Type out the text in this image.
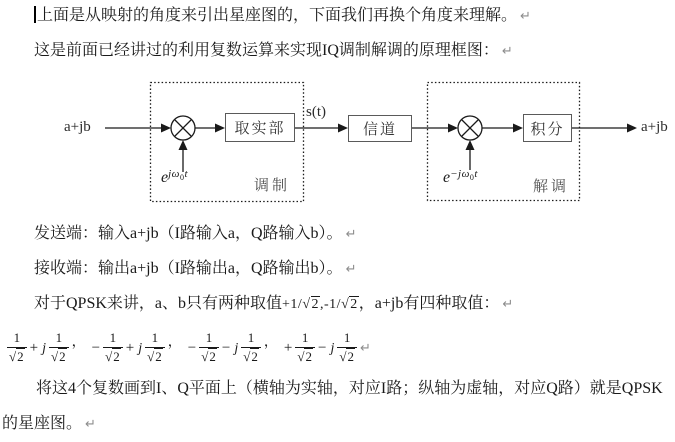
上面是从映射的角度来引出星座图的，下面我们再换个角度来理解。 ↵
这是前面已经讲过的利用复数运算来实现IQ调制解调的原理框图： ↵
a+jb	取实部
s(t)
信道	积分	a+jb
$e^{j\omega_0t}$	$e^{-j\omega_0t}$
调制	解调
发送端：输入a+jb（I路输入a，Q路输入b）。 ↵
接收端：输出a+jb（I路输出a，Q路输出b）。 ↵
对于QPSK来讲，a、b只有两种取值+1/√2,-1/√2，a+jb有四种取值： ↵
$\frac{1}{√2} + j \frac{1}{√2}$ ， − $\frac{1}{√2} + j \frac{1}{√2}$ ， − $\frac{1}{√2} - j \frac{1}{√2}$ ， + $\frac{1}{√2} - j \frac{1}{√2}$ ↵
将这4个复数画到I、Q平面上（横轴为实轴，对应I路；纵轴为虚轴，对应Q路）就是QPSK
的星座图。 ↵
